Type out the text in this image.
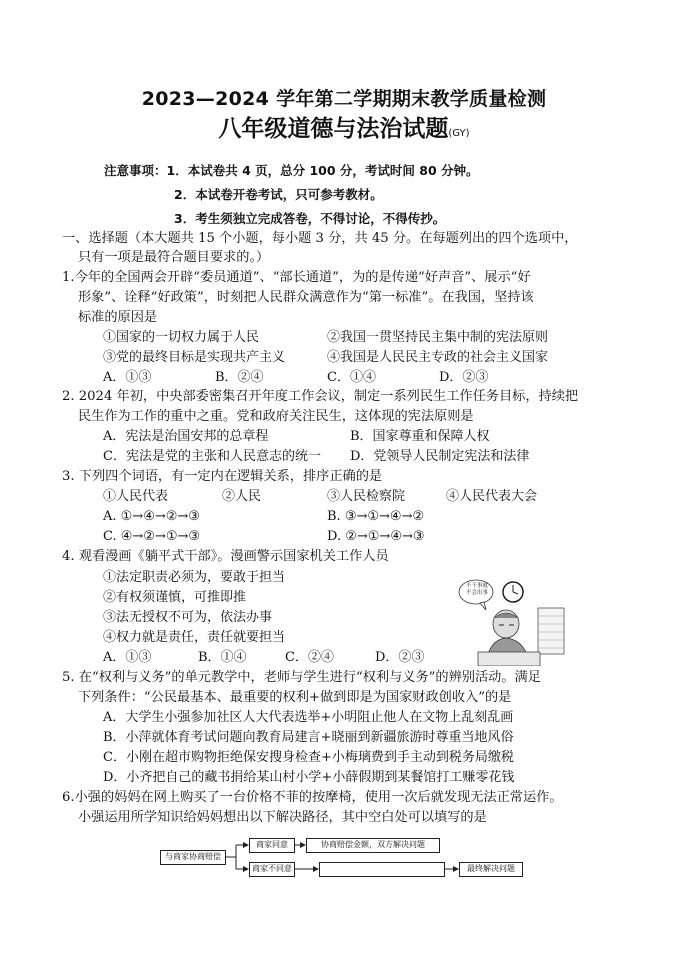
2023—2024 学年第二学期期末教学质量检测
八年级道德与法治试题(GY)
注意事项：1．本试卷共 4 页，总分 100 分，考试时间 80 分钟。
2．本试卷开卷考试，只可参考教材。
3．考生须独立完成答卷，不得讨论，不得传抄。
一、选择题（本大题共 15 个小题，每小题 3 分，共 45 分。在每题列出的四个选项中，
只有一项是最符合题目要求的。）
1.今年的全国两会开辟“委员通道”、“部长通道”，为的是传递“好声音”、展示“好
形象”、诠释“好政策”，时刻把人民群众满意作为“第一标准”。在我国，坚持该
标准的原因是
①国家的一切权力属于人民	②我国一贯坚持民主集中制的宪法原则
③党的最终目标是实现共产主义	④我国是人民民主专政的社会主义国家
A．①③	B．②④	C．①④	D．②③
2. 2024 年初，中央部委密集召开年度工作会议，制定一系列民生工作任务目标，持续把
民生作为工作的重中之重。党和政府关注民生，这体现的宪法原则是
A．宪法是治国安邦的总章程	B．国家尊重和保障人权
C．宪法是党的主张和人民意志的统一 D．党领导人民制定宪法和法律
3. 下列四个词语，有一定内在逻辑关系，排序正确的是
①人民代表	②人民	③人民检察院	④人民代表大会
A. ①→④→②→③	B. ③→①→④→②
C. ④→②→①→③	D. ②→①→④→③
4. 观看漫画《躺平式干部》。漫画警示国家机关工作人员
①法定职责必须为，要敢于担当
②有权须谨慎，可推即推
③法无授权不可为，依法办事
④权力就是责任，责任就要担当
A．①③	B．①④	C．②④	D．②③
不干事就
不会出事
5. 在“权利与义务”的单元教学中，老师与学生进行“权利与义务”的辨别活动。满足
下列条件：“公民最基本、最重要的权利+做到即是为国家财政创收入”的是
A．大学生小强参加社区人大代表选举+小明阻止他人在文物上乱刻乱画
B．小萍就体育考试问题向教育局建言+晓丽到新疆旅游时尊重当地风俗
C．小刚在超市购物拒绝保安搜身检查+小梅璃费到手主动到税务局缴税
D．小齐把自己的藏书捐给某山村小学+小薛假期到某餐馆打工赚零花钱
6.小强的妈妈在网上购买了一台价格不菲的按摩椅，使用一次后就发现无法正常运作。
小强运用所学知识给妈妈想出以下解决路径，其中空白处可以填写的是
与商家协商赔偿
商家同意	协商赔偿金额，双方解决问题
商家不同意	最终解决问题
